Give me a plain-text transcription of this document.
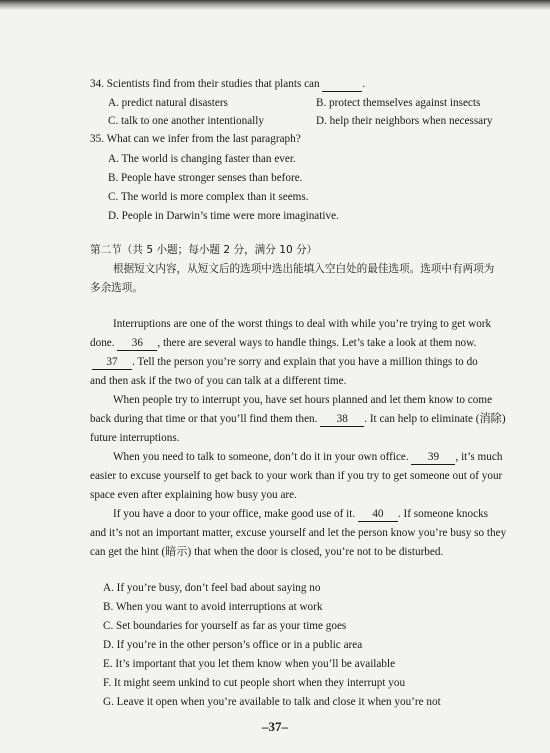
34. Scientists find from their studies that plants can	.
A. predict natural disasters	B. protect themselves against insects
C. talk to one another intentionally	D. help their neighbors when necessary
35. What can we infer from the last paragraph?
A. The world is changing faster than ever.
B. People have stronger senses than before.
C. The world is more complex than it seems.
D. People in Darwin’s time were more imaginative.
第二节（共 5 小题；每小题 2 分，满分 10 分）
根据短文内容，从短文后的选项中选出能填入空白处的最佳选项。选项中有两项为
多余选项。
Interruptions are one of the worst things to deal with while you’re trying to get work
done. 36 , there are several ways to handle things. Let’s take a look at them now.
37 . Tell the person you’re sorry and explain that you have a million things to do
and then ask if the two of you can talk at a different time.
When people try to interrupt you, have set hours planned and let them know to come
back during that time or that you’ll find them then. 38 . It can help to eliminate (消除)
future interruptions.
When you need to talk to someone, don’t do it in your own office. 39 , it’s much
easier to excuse yourself to get back to your work than if you try to get someone out of your
space even after explaining how busy you are.
If you have a door to your office, make good use of it. 40 . If someone knocks
and it’s not an important matter, excuse yourself and let the person know you’re busy so they
can get the hint (暗示) that when the door is closed, you’re not to be disturbed.
A. If you’re busy, don’t feel bad about saying no
B. When you want to avoid interruptions at work
C. Set boundaries for yourself as far as your time goes
D. If you’re in the other person’s office or in a public area
E. It’s important that you let them know when you’ll be available
F. It might seem unkind to cut people short when they interrupt you
G. Leave it open when you’re available to talk and close it when you’re not
–37–
